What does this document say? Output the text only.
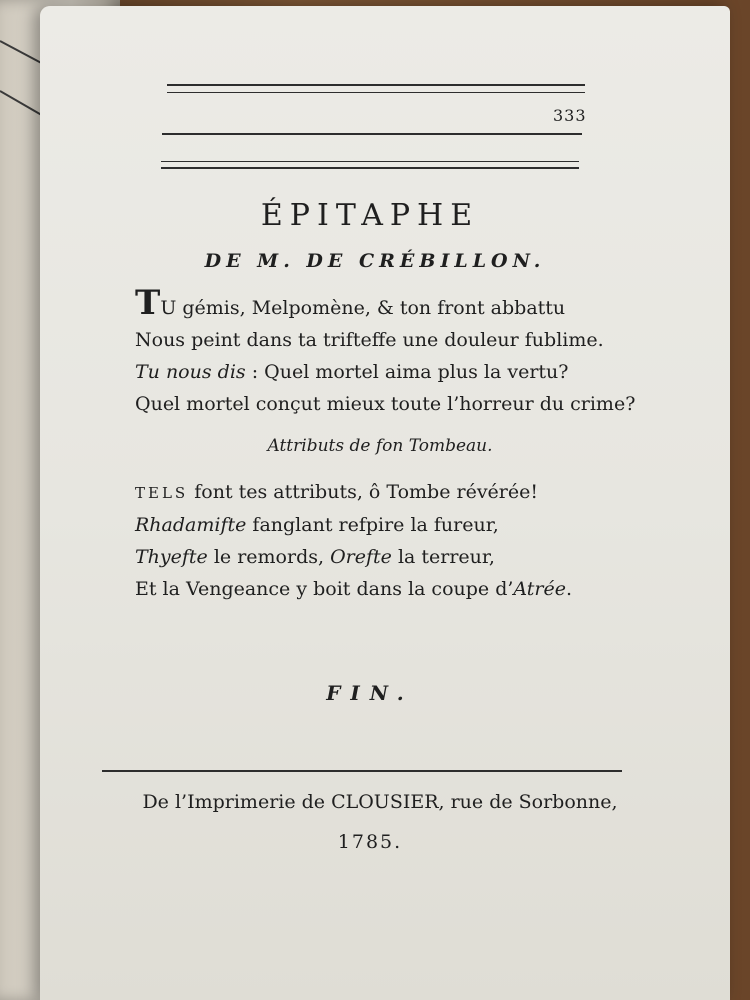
333
ÉPITAPHE
DE M. DE CRÉBILLON.

TU gémis, Melpomène, & ton front abbattu

Nous peint dans ta trifteffe une douleur fublime.

Tu nous dis : Quel mortel aima plus la vertu?

Quel mortel conçut mieux toute l’horreur du crime?

Attributs de fon Tombeau.

TELS font tes attributs, ô Tombe révérée!

Rhadamifte fanglant refpire la fureur,

Thyefte le remords, Orefte la terreur,

Et la Vengeance y boit dans la coupe d’Atrée.

FIN.
De l’Imprimerie de CLOUSIER, rue de Sorbonne,
1785.
